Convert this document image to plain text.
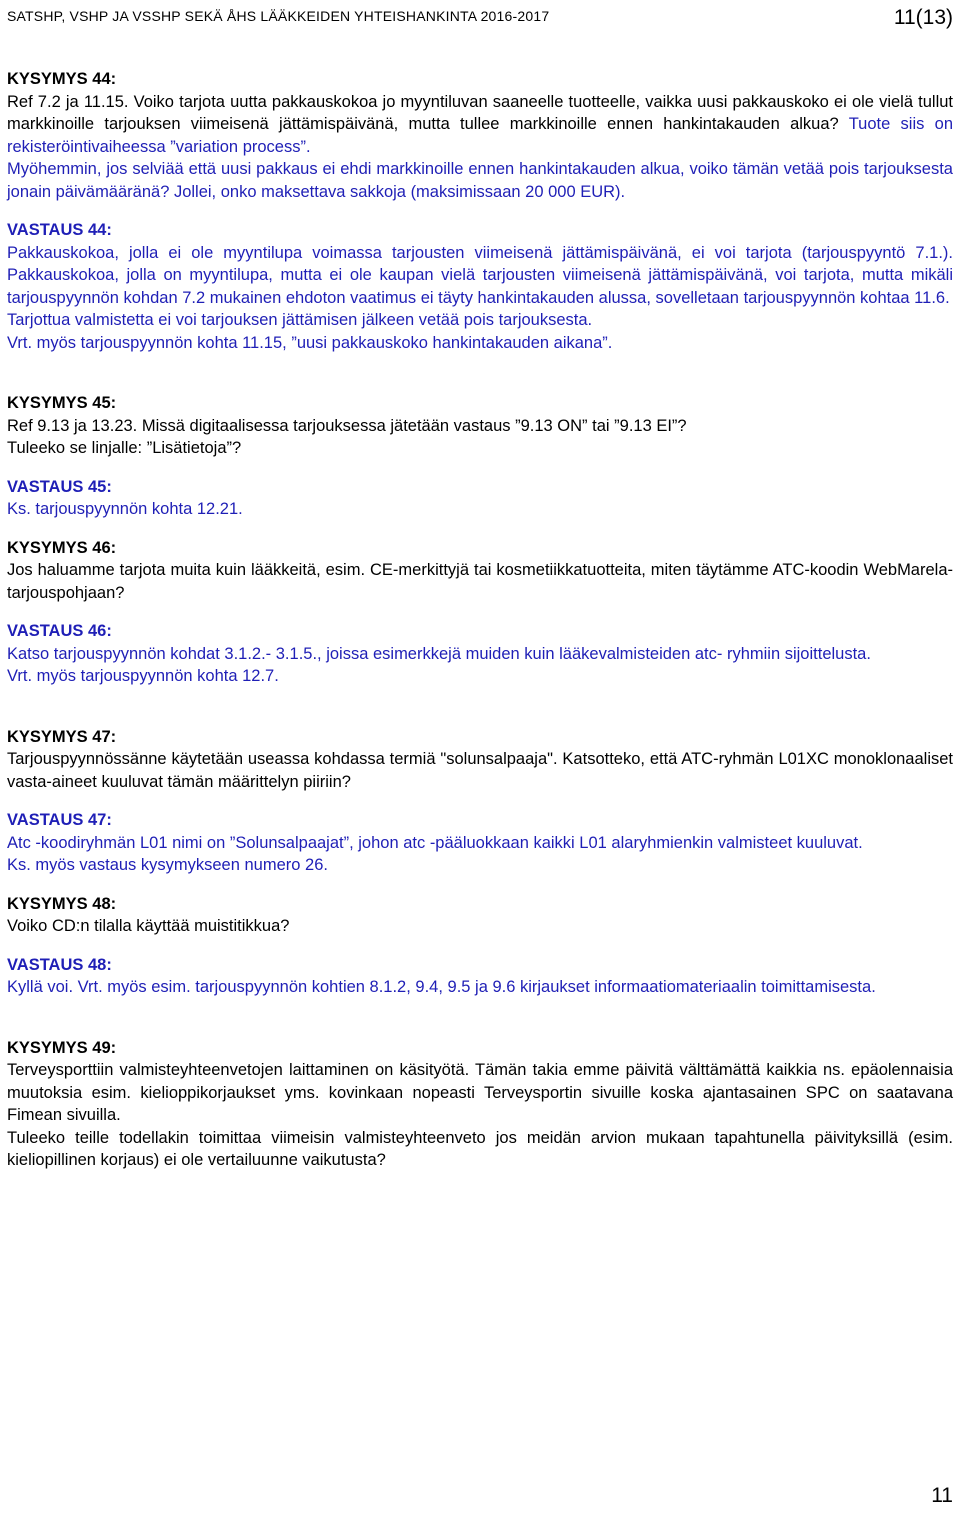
SATSHP, VSHP JA VSSHP SEKÄ ÅHS LÄÄKKEIDEN YHTEISHANKINTA 2016-2017	11(13)

KYSYMYS 44:

Ref 7.2 ja 11.15. Voiko tarjota uutta pakkauskokoa jo myyntiluvan saaneelle tuotteelle, vaikka uusi pakkauskoko ei ole vielä tullut markkinoille tarjouksen viimeisenä jättämispäivänä, mutta tullee markkinoille ennen hankintakauden alkua? Tuote siis on rekisteröintivaiheessa ”variation process”.

Myöhemmin, jos selviää että uusi pakkaus ei ehdi markkinoille ennen hankintakauden alkua, voiko tämän vetää pois tarjouksesta jonain päivämääränä? Jollei, onko maksettava sakkoja (maksimissaan 20 000 EUR).

VASTAUS 44:

Pakkauskokoa, jolla ei ole myyntilupa voimassa tarjousten viimeisenä jättämispäivänä, ei voi tarjota (tarjouspyyntö 7.1.). Pakkauskokoa, jolla on myyntilupa, mutta ei ole kaupan vielä tarjousten viimeisenä jättämispäivänä, voi tarjota, mutta mikäli tarjouspyynnön kohdan 7.2 mukainen ehdoton vaatimus ei täyty hankintakauden alussa, sovelletaan tarjouspyynnön kohtaa 11.6.

Tarjottua valmistetta ei voi tarjouksen jättämisen jälkeen vetää pois tarjouksesta.

Vrt. myös tarjouspyynnön kohta 11.15, ”uusi pakkauskoko hankintakauden aikana”.

KYSYMYS 45:

Ref 9.13 ja 13.23. Missä digitaalisessa tarjouksessa jätetään vastaus ”9.13 ON” tai ”9.13 EI”?

Tuleeko se linjalle: ”Lisätietoja”?

VASTAUS 45:

Ks. tarjouspyynnön kohta 12.21.

KYSYMYS 46:

Jos haluamme tarjota muita kuin lääkkeitä, esim. CE-merkittyjä tai kosmetiikkatuotteita, miten täytämme ATC-koodin WebMarela-tarjouspohjaan?

VASTAUS 46:

Katso tarjouspyynnön kohdat 3.1.2.- 3.1.5., joissa esimerkkejä muiden kuin lääkevalmisteiden atc- ryhmiin sijoittelusta.

Vrt. myös tarjouspyynnön kohta 12.7.

KYSYMYS 47:

Tarjouspyynnössänne käytetään useassa kohdassa termiä "solunsalpaaja". Katsotteko, että ATC-ryhmän L01XC monoklonaaliset vasta-aineet kuuluvat tämän määrittelyn piiriin?

VASTAUS 47:

Atc -koodiryhmän L01 nimi on ”Solunsalpaajat”, johon atc -pääluokkaan kaikki L01 alaryhmienkin valmisteet kuuluvat.

Ks. myös vastaus kysymykseen numero 26.

KYSYMYS 48:

Voiko CD:n tilalla käyttää muistitikkua?

VASTAUS 48:

Kyllä voi. Vrt. myös esim. tarjouspyynnön kohtien 8.1.2, 9.4, 9.5 ja 9.6 kirjaukset informaatiomateriaalin toimittamisesta.

KYSYMYS 49:

Terveysporttiin valmisteyhteenvetojen laittaminen on käsityötä. Tämän takia emme päivitä välttämättä kaikkia ns. epäolennaisia muutoksia esim. kielioppikorjaukset yms. kovinkaan nopeasti Terveysportin sivuille koska ajantasainen SPC on saatavana Fimean sivuilla.

Tuleeko teille todellakin toimittaa viimeisin valmisteyhteenveto jos meidän arvion mukaan tapahtunella päivityksillä (esim. kieliopillinen korjaus) ei ole vertailuunne vaikutusta?

11
